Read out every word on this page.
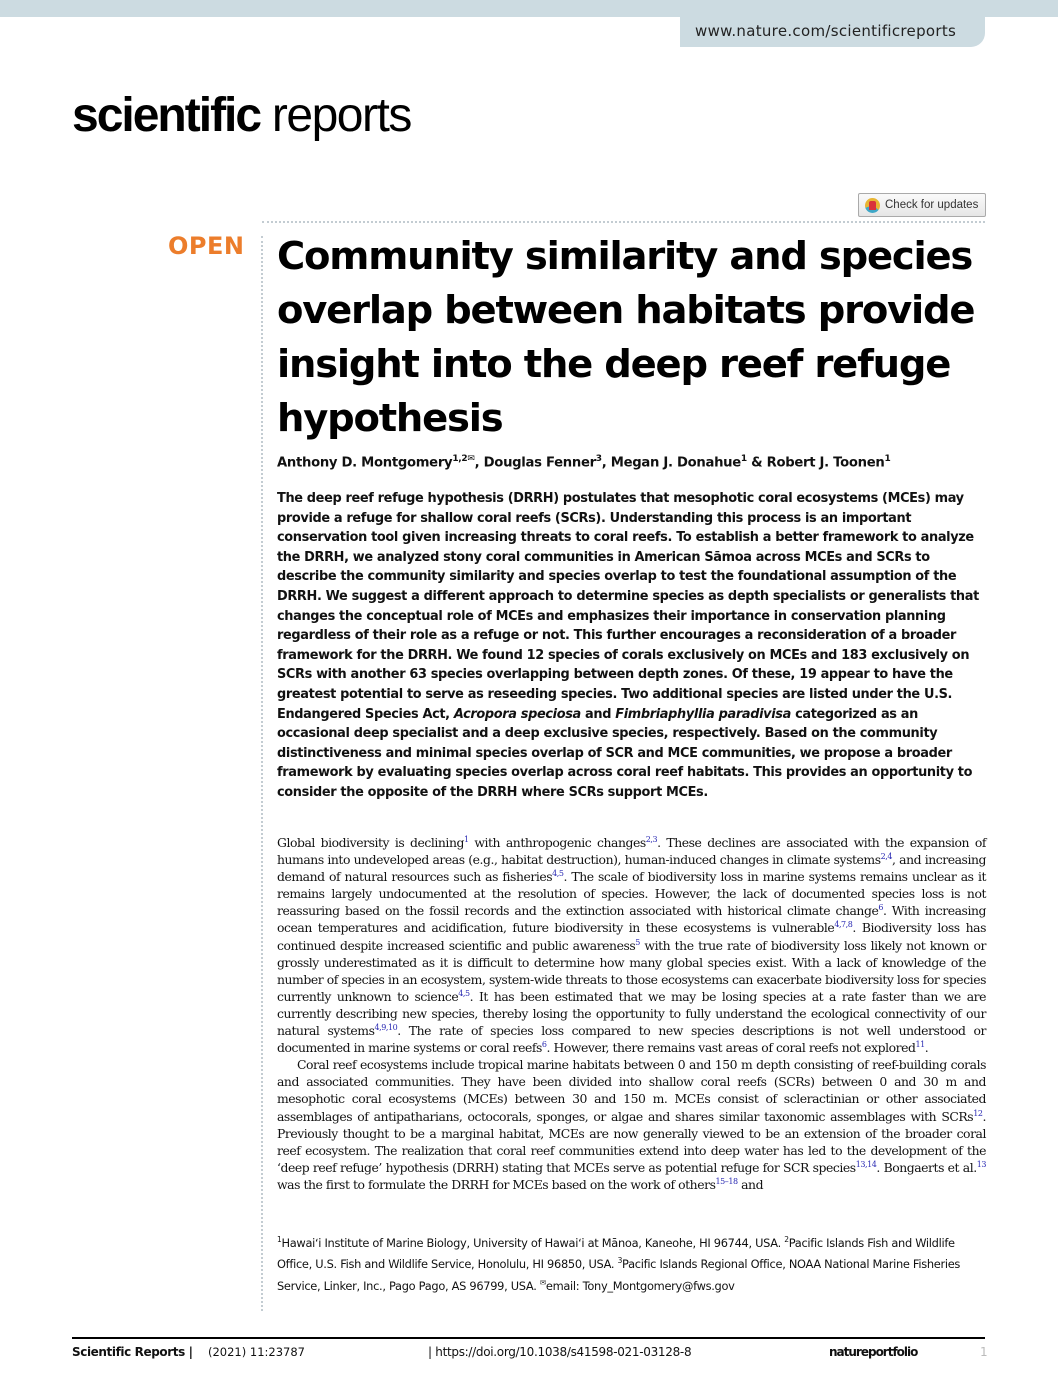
www.nature.com/scientificreports
scientific reports
Check for updates
OPEN Community similarity and species overlap between habitats provide insight into the deep reef refuge hypothesis
Anthony D. Montgomery$^{1,2✉}$, Douglas Fenner$^3$, Megan J. Donahue$^1$ & Robert J. Toonen$^1$

The deep reef refuge hypothesis (DRRH) postulates that mesophotic coral ecosystems (MCEs) may provide a refuge for shallow coral reefs (SCRs). Understanding this process is an important conservation tool given increasing threats to coral reefs. To establish a better framework to analyze the DRRH, we analyzed stony coral communities in American Sāmoa across MCEs and SCRs to describe the community similarity and species overlap to test the foundational assumption of the DRRH. We suggest a different approach to determine species as depth specialists or generalists that changes the conceptual role of MCEs and emphasizes their importance in conservation planning regardless of their role as a refuge or not. This further encourages a reconsideration of a broader framework for the DRRH. We found 12 species of corals exclusively on MCEs and 183 exclusively on SCRs with another 63 species overlapping between depth zones. Of these, 19 appear to have the greatest potential to serve as reseeding species. Two additional species are listed under the U.S. Endangered Species Act, Acropora speciosa and Fimbriaphyllia paradivisa categorized as an occasional deep specialist and a deep exclusive species, respectively. Based on the community distinctiveness and minimal species overlap of SCR and MCE communities, we propose a broader framework by evaluating species overlap across coral reef habitats. This provides an opportunity to consider the opposite of the DRRH where SCRs support MCEs.

Global biodiversity is declining$^1$ with anthropogenic changes$^{2,3}$. These declines are associated with the expansion of humans into undeveloped areas (e.g., habitat destruction), human-induced changes in climate systems$^{2,4}$, and increasing demand of natural resources such as fisheries$^{4,5}$. The scale of biodiversity loss in marine systems remains unclear as it remains largely undocumented at the resolution of species. However, the lack of documented species loss is not reassuring based on the fossil records and the extinction associated with historical climate change$^6$. With increasing ocean temperatures and acidification, future biodiversity in these ecosystems is vulnerable$^{4,7,8}$. Biodiversity loss has continued despite increased scientific and public awareness$^5$ with the true rate of biodiversity loss likely not known or grossly underestimated as it is difficult to determine how many global species exist. With a lack of knowledge of the number of species in an ecosystem, system-wide threats to those ecosystems can exacerbate biodiversity loss for species currently unknown to science$^{4,5}$. It has been estimated that we may be losing species at a rate faster than we are currently describing new species, thereby losing the opportunity to fully understand the ecological connectivity of our natural systems$^{4,9,10}$. The rate of species loss compared to new species descriptions is not well understood or documented in marine systems or coral reefs$^6$. However, there remains vast areas of coral reefs not explored$^{11}$.

Coral reef ecosystems include tropical marine habitats between 0 and 150 m depth consisting of reef-building corals and associated communities. They have been divided into shallow coral reefs (SCRs) between 0 and 30 m and mesophotic coral ecosystems (MCEs) between 30 and 150 m. MCEs consist of scleractinian or other associated assemblages of antipatharians, octocorals, sponges, or algae and shares similar taxonomic assemblages with SCRs$^{12}$. Previously thought to be a marginal habitat, MCEs are now generally viewed to be an extension of the broader coral reef ecosystem. The realization that coral reef communities extend into deep water has led to the development of the ‘deep reef refuge’ hypothesis (DRRH) stating that MCEs serve as potential refuge for SCR species$^{13,14}$. Bongaerts et al.$^{13}$ was the first to formulate the DRRH for MCEs based on the work of others$^{15-18}$ and

$^1$Hawaiʻi Institute of Marine Biology, University of Hawaiʻi at Mānoa, Kaneohe, HI 96744, USA. $^2$Pacific Islands Fish and Wildlife Office, U.S. Fish and Wildlife Service, Honolulu, HI 96850, USA. $^3$Pacific Islands Regional Office, NOAA National Marine Fisheries Service, Linker, Inc., Pago Pago, AS 96799, USA. ✉email: Tony_Montgomery@fws.gov

Scientific Reports | (2021) 11:23787	| https://doi.org/10.1038/s41598-021-03128-8	natureportfolio	1
